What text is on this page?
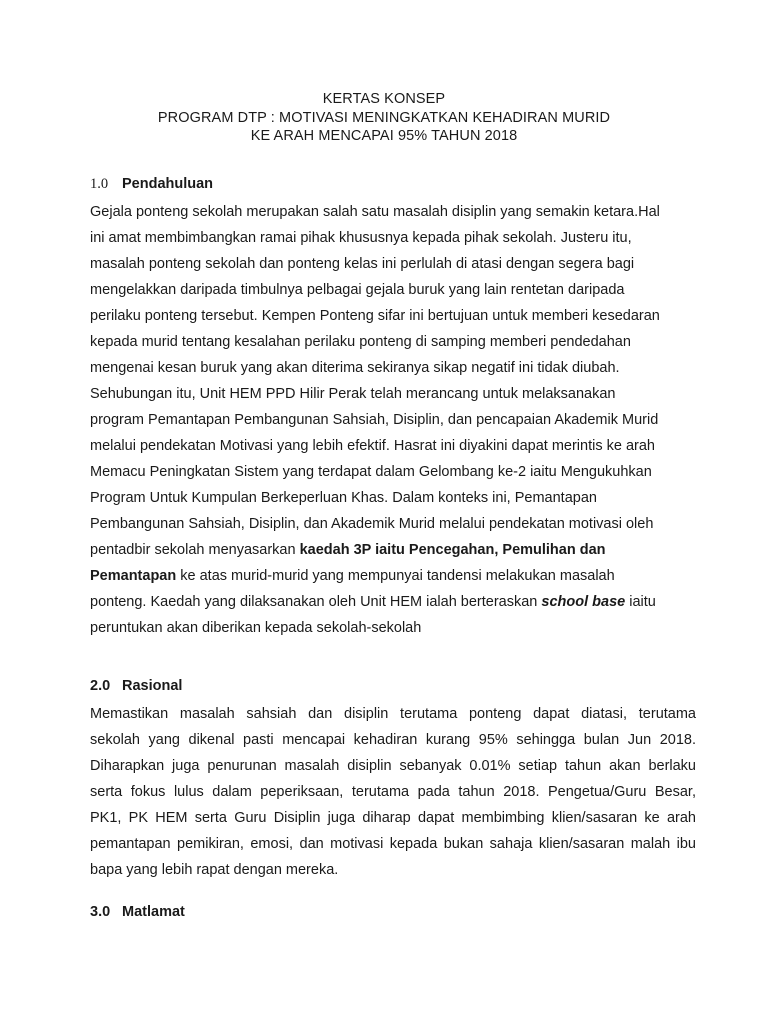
KERTAS KONSEP
PROGRAM DTP : MOTIVASI MENINGKATKAN KEHADIRAN MURID
KE ARAH MENCAPAI 95% TAHUN 2018
1.0 Pendahuluan
Gejala ponteng sekolah merupakan salah satu masalah disiplin yang semakin ketara.Hal
ini amat membimbangkan ramai pihak khususnya kepada pihak sekolah. Justeru itu,
masalah ponteng sekolah dan ponteng kelas ini perlulah di atasi dengan segera bagi
mengelakkan daripada timbulnya pelbagai gejala buruk yang lain rentetan daripada
perilaku ponteng tersebut. Kempen Ponteng sifar ini bertujuan untuk memberi kesedaran
kepada murid tentang kesalahan perilaku ponteng di samping memberi pendedahan
mengenai kesan buruk yang akan diterima sekiranya sikap negatif ini tidak diubah.
Sehubungan itu, Unit HEM PPD Hilir Perak telah merancang untuk melaksanakan
program Pemantapan Pembangunan Sahsiah, Disiplin, dan pencapaian Akademik Murid
melalui pendekatan Motivasi yang lebih efektif. Hasrat ini diyakini dapat merintis ke arah
Memacu Peningkatan Sistem yang terdapat dalam Gelombang ke-2 iaitu Mengukuhkan
Program Untuk Kumpulan Berkeperluan Khas. Dalam konteks ini, Pemantapan
Pembangunan Sahsiah, Disiplin, dan Akademik Murid melalui pendekatan motivasi oleh
pentadbir sekolah menyasarkan kaedah 3P iaitu Pencegahan, Pemulihan dan
Pemantapan ke atas murid-murid yang mempunyai tandensi melakukan masalah
ponteng. Kaedah yang dilaksanakan oleh Unit HEM ialah berteraskan school base iaitu
peruntukan akan diberikan kepada sekolah-sekolah
2.0 Rasional
Memastikan masalah sahsiah dan disiplin terutama ponteng dapat diatasi, terutama
sekolah yang dikenal pasti mencapai kehadiran kurang 95% sehingga bulan Jun 2018.
Diharapkan juga penurunan masalah disiplin sebanyak 0.01% setiap tahun akan berlaku
serta fokus lulus dalam peperiksaan, terutama pada tahun 2018. Pengetua/Guru Besar,
PK1, PK HEM serta Guru Disiplin juga diharap dapat membimbing klien/sasaran ke arah
pemantapan pemikiran, emosi, dan motivasi kepada bukan sahaja klien/sasaran malah ibu
bapa yang lebih rapat dengan mereka.
3.0 Matlamat
